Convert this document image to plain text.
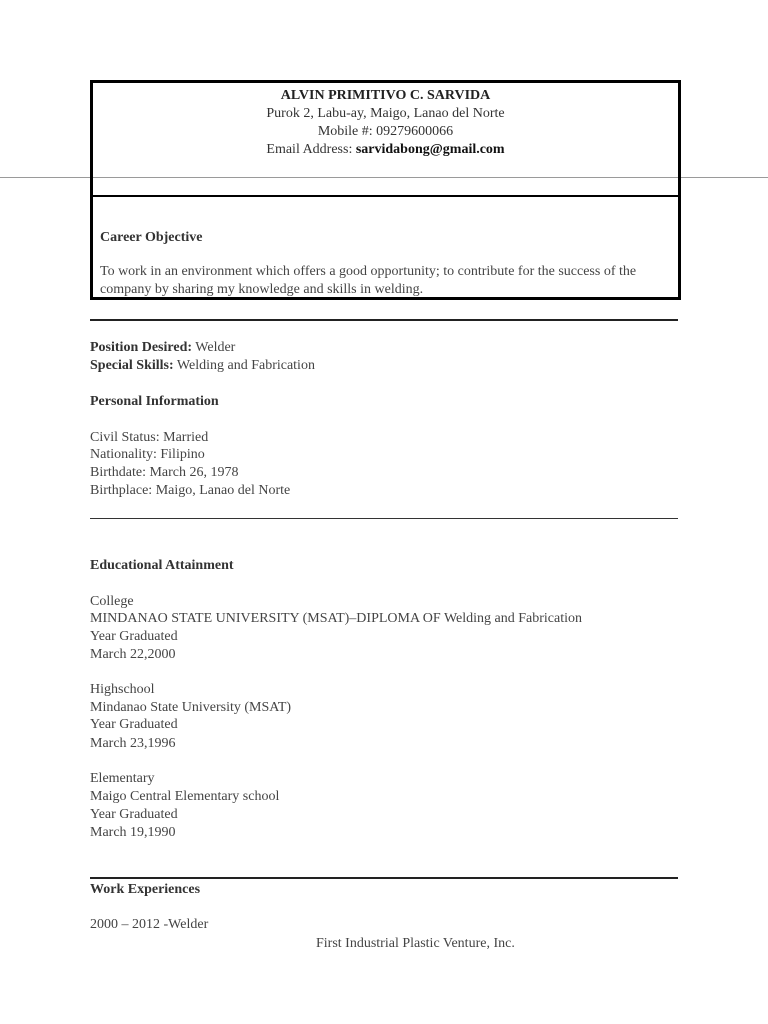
ALVIN PRIMITIVO C. SARVIDA
Purok 2, Labu-ay, Maigo, Lanao del Norte
Mobile #: 09279600066
Email Address: sarvidabong@gmail.com
Career Objective
To work in an environment which offers a good opportunity; to contribute for the success of the company by sharing my knowledge and skills in welding.
Position Desired: Welder
Special Skills: Welding and Fabrication
Personal Information
Civil Status: Married
Nationality: Filipino
Birthdate: March 26, 1978
Birthplace: Maigo, Lanao del Norte
Educational Attainment
College
MINDANAO STATE UNIVERSITY (MSAT)–DIPLOMA OF Welding and Fabrication
Year Graduated
March 22,2000
Highschool
Mindanao State University (MSAT)
Year Graduated
March 23,1996
Elementary
Maigo Central Elementary school
Year Graduated
March 19,1990
Work Experiences
2000 – 2012 -Welder
First Industrial Plastic Venture, Inc.
